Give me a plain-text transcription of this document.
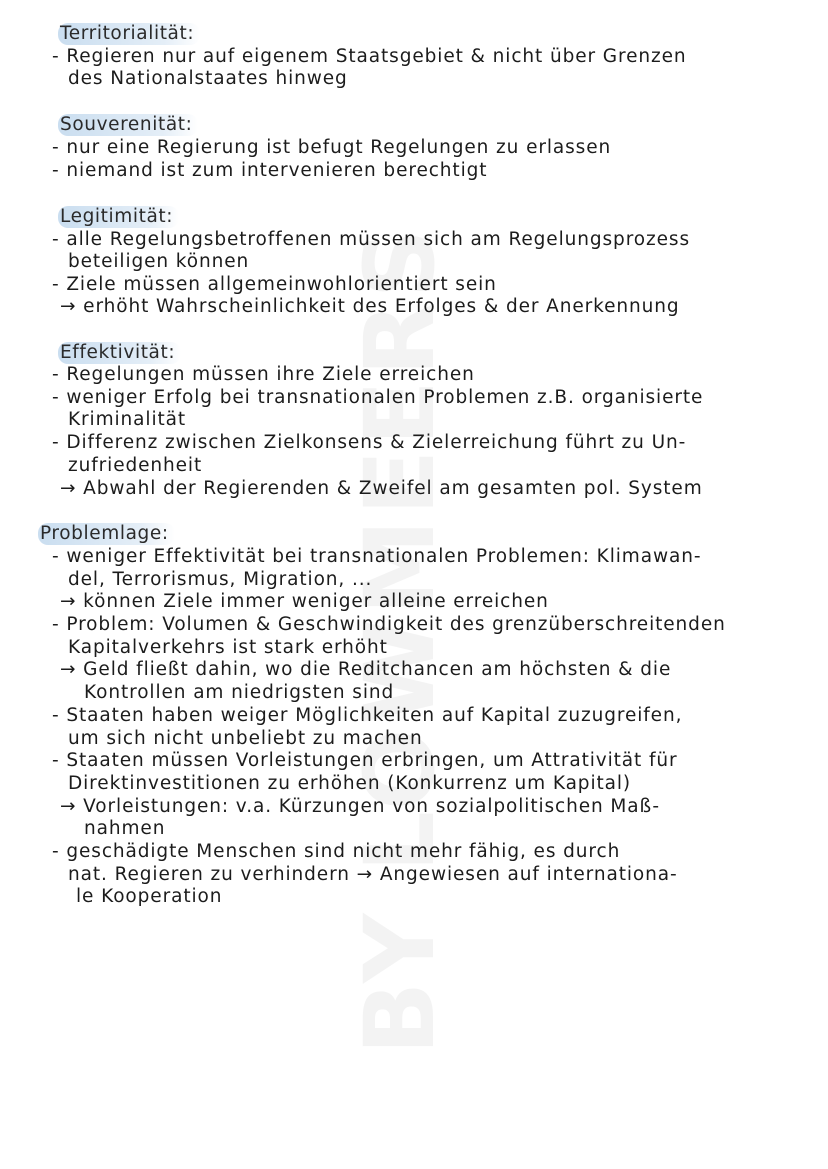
Territorialität:
- Regieren nur auf eigenem Staatsgebiet & nicht über Grenzen
des Nationalstaates hinweg
Souverenität:
- nur eine Regierung ist befugt Regelungen zu erlassen
- niemand ist zum intervenieren berechtigt
Legitimität:
- alle Regelungsbetroffenen müssen sich am Regelungsprozess
beteiligen können
- Ziele müssen allgemeinwohlorientiert sein
→ erhöht Wahrscheinlichkeit des Erfolges & der Anerkennung
Effektivität:
- Regelungen müssen ihre Ziele erreichen
- weniger Erfolg bei transnationalen Problemen z.B. organisierte
Kriminalität
- Differenz zwischen Zielkonsens & Zielerreichung führt zu Un-
zufriedenheit
→ Abwahl der Regierenden & Zweifel am gesamten pol. System
Problemlage:
- weniger Effektivität bei transnationalen Problemen: Klimawan-
del, Terrorismus, Migration, ...
→ können Ziele immer weniger alleine erreichen
- Problem: Volumen & Geschwindigkeit des grenzüberschreitenden
Kapitalverkehrs ist stark erhöht
→ Geld fließt dahin, wo die Reditchancen am höchsten & die
Kontrollen am niedrigsten sind
- Staaten haben weiger Möglichkeiten auf Kapital zuzugreifen,
um sich nicht unbeliebt zu machen
- Staaten müssen Vorleistungen erbringen, um Attrativität für
Direktinvestitionen zu erhöhen (Konkurrenz um Kapital)
→ Vorleistungen: v.a. Kürzungen von sozialpolitischen Maß-
nahmen
- geschädigte Menschen sind nicht mehr fähig, es durch
nat. Regieren zu verhindern → Angewiesen auf internationa-
le Kooperation
